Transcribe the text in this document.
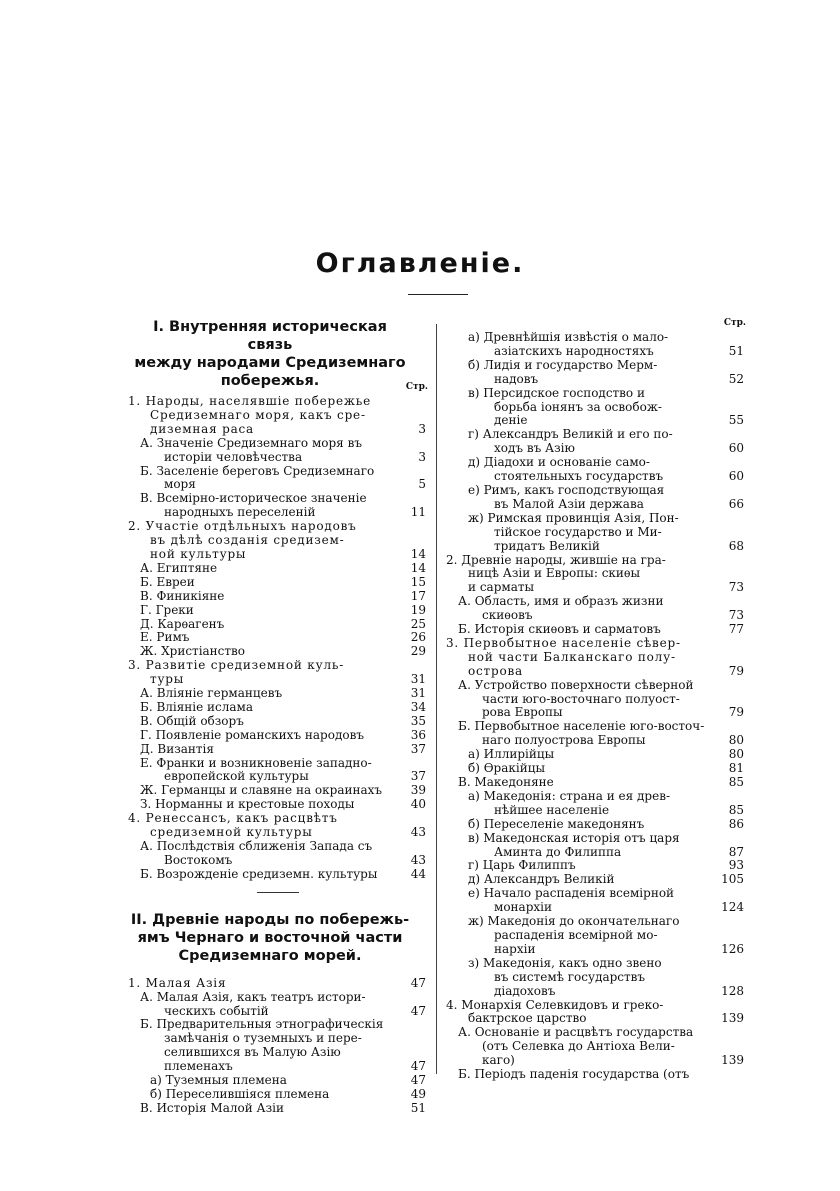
Оглавленiе.
I. Внутренняя историческая связь
между народами Средиземнаго
побережья.	Стр.
1. Народы, населявшiе побережье
Средиземнаго моря, какъ сре-
диземная раса	3
А. Значенiе Средиземнаго моря въ
исторiи человѣчества	3
Б. Заселенiе береговъ Средиземнаго
моря	5
В. Всемiрно-историческое значенiе
народныхъ переселенiй	11
2. Участiе отдѣльныхъ народовъ
въ дѣлѣ созданiя средизем-
ной культуры	14
А. Египтяне	14
Б. Евреи	15
В. Финикiяне	17
Г. Греки	19
Д. Карѳагенъ	25
Е. Римъ	26
Ж. Христiанство	29
3. Развитiе средиземной куль-
туры	31
А. Влiянiе германцевъ	31
Б. Влiянiе ислама	34
В. Общiй обзоръ	35
Г. Появленiе романскихъ народовъ	36
Д. Византiя	37
Е. Франки и возникновенiе западно-
европейской культуры	37
Ж. Германцы и славяне на окраинахъ	39
З. Норманны и крестовые походы	40
4. Ренессансъ, какъ расцвѣтъ
средиземной культуры	43
А. Послѣдствiя сближенiя Запада съ
Востокомъ	43
Б. Возрожденiе средиземн. культуры	44
II. Древнiе народы по побережь-
ямъ Чернаго и восточной части
Средиземнаго морей.
1. Малая Азiя	47
А. Малая Азiя, какъ театръ истори-
ческихъ событiй	47
Б. Предварительныя этнографическiя
замѣчанiя о туземныхъ и пере-
селившихся въ Малую Азiю
племенахъ	47
а) Туземныя племена	47
б) Переселившiяся племена	49
В. Исторiя Малой Азiи	51
Стр.
а) Древнѣйшiя извѣстiя о мало-
азiатскихъ народностяхъ	51
б) Лидiя и государство Мерм-
надовъ	52
в) Персидское господство и
борьба iонянъ за освобож-
денiе	55
г) Александръ Великiй и его по-
ходъ въ Азiю	60
д) Дiадохи и основанiе само-
стоятельныхъ государствъ	60
е) Римъ, какъ господствующая
въ Малой Азiи держава	66
ж) Римская провинцiя Азiя, Пон-
тiйское государство и Ми-
тридатъ Великiй	68
2. Древнiе народы, жившiе на гра-
ницѣ Азiи и Европы: скиѳы
и сарматы	73
А. Область, имя и образъ жизни
скиѳовъ	73
Б. Исторiя скиѳовъ и сарматовъ	77
3. Первобытное населенiе сѣвер-
ной части Балканскаго полу-
острова	79
А. Устройство поверхности сѣверной
части юго-восточнаго полуост-
рова Европы	79
Б. Первобытное населенiе юго-восточ-
наго полуострова Европы	80
а) Иллирiйцы	80
б) Ѳракiйцы	81
В. Македоняне	85
а) Македонiя: страна и ея древ-
нѣйшее населенiе	85
б) Переселенiе македонянъ	86
в) Македонская исторiя отъ царя
Аминта до Филиппа	87
г) Царь Филиппъ	93
д) Александръ Великiй	105
е) Начало распаденiя всемiрной
монархiи	124
ж) Македонiя до окончательнаго
распаденiя всемiрной мо-
нархiи	126
з) Македонiя, какъ одно звено
въ системѣ государствъ
дiадоховъ	128
4. Монархiя Селевкидовъ и греко-
бактрское царство	139
А. Основанiе и расцвѣтъ государства
(отъ Селевка до Антiоха Вели-
каго)	139
Б. Перiодъ паденiя государства (отъ
